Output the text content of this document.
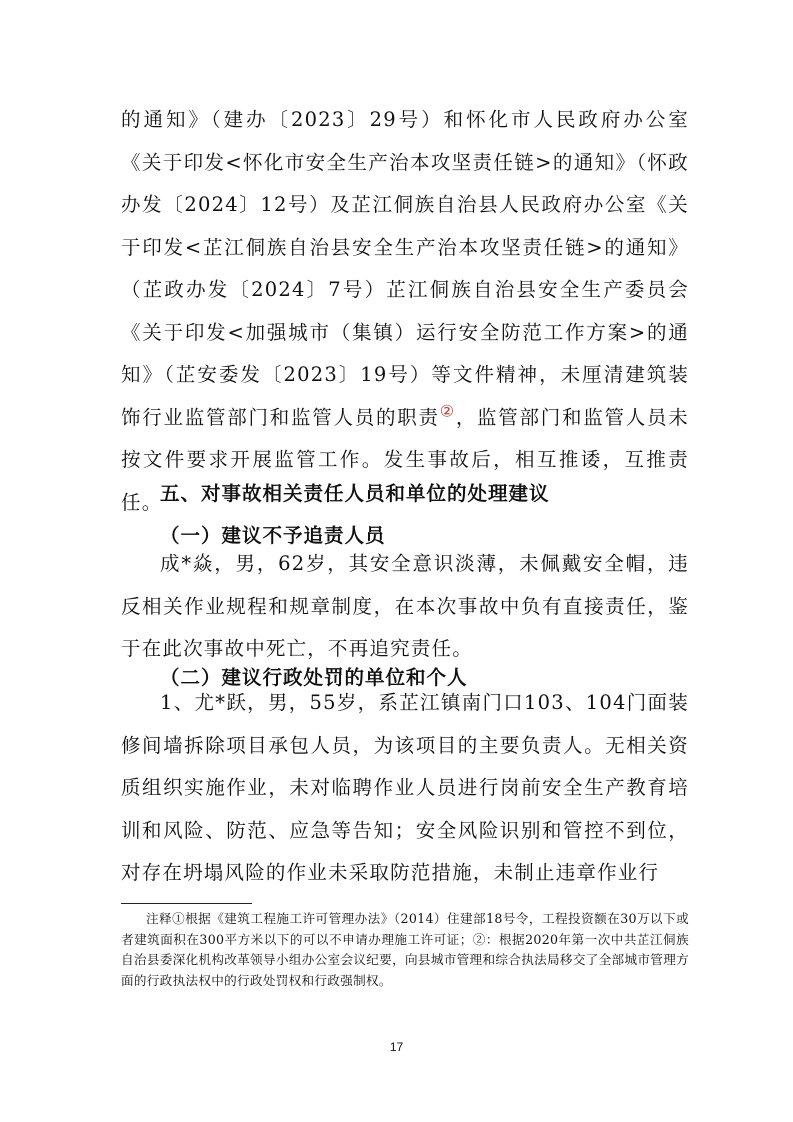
的通知》（建办〔2023〕29号）和怀化市人民政府办公室《关于印发<怀化市安全生产治本攻坚责任链>的通知》（怀政办发〔2024〕12号）及芷江侗族自治县人民政府办公室《关于印发<芷江侗族自治县安全生产治本攻坚责任链>的通知》（芷政办发〔2024〕7号）芷江侗族自治县安全生产委员会《关于印发<加强城市（集镇）运行安全防范工作方案>的通知》（芷安委发〔2023〕19号）等文件精神，未厘清建筑装饰行业监管部门和监管人员的职责②，监管部门和监管人员未按文件要求开展监管工作。发生事故后，相互推诿，互推责任。
五、对事故相关责任人员和单位的处理建议
（一）建议不予追责人员
成*焱，男，62岁，其安全意识淡薄，未佩戴安全帽，违反相关作业规程和规章制度，在本次事故中负有直接责任，鉴于在此次事故中死亡，不再追究责任。
（二）建议行政处罚的单位和个人
1、尤*跃，男，55岁，系芷江镇南门口103、104门面装修间墙拆除项目承包人员，为该项目的主要负责人。无相关资质组织实施作业，未对临聘作业人员进行岗前安全生产教育培训和风险、防范、应急等告知；安全风险识别和管控不到位，对存在坍塌风险的作业未采取防范措施，未制止违章作业行
注释①根据《建筑工程施工许可管理办法》（2014）住建部18号令，工程投资额在30万以下或者建筑面积在300平方米以下的可以不申请办理施工许可证；②：根据2020年第一次中共芷江侗族自治县委深化机构改革领导小组办公室会议纪要，向县城市管理和综合执法局移交了全部城市管理方面的行政执法权中的行政处罚权和行政强制权。
17
